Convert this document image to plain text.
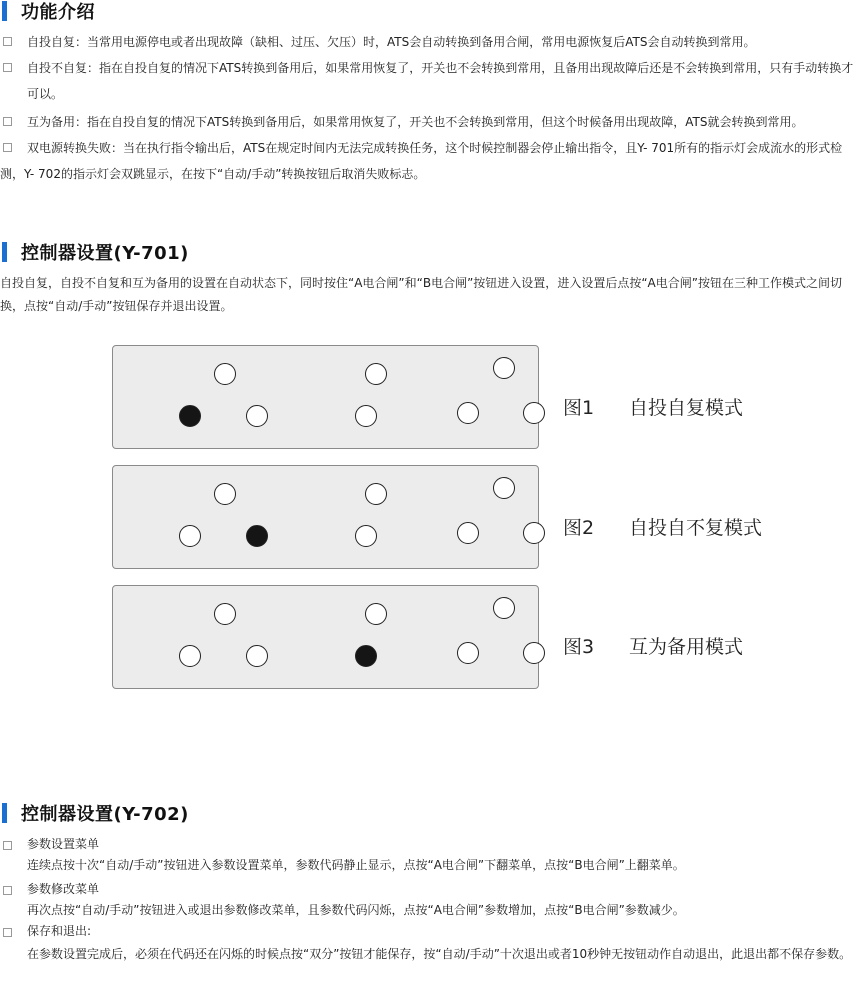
功能介绍
自投自复：当常用电源停电或者出现故障（缺相、过压、欠压）时，ATS会自动转换到备用合闸，常用电源恢复后ATS会自动转换到常用。
自投不自复：指在自投自复的情况下ATS转换到备用后，如果常用恢复了，开关也不会转换到常用，且备用出现故障后还是不会转换到常用，只有手动转换才可以。
互为备用：指在自投自复的情况下ATS转换到备用后，如果常用恢复了，开关也不会转换到常用，但这个时候备用出现故障，ATS就会转换到常用。
双电源转换失败：当在执行指令输出后，ATS在规定时间内无法完成转换任务，这个时候控制器会停止输出指令，且Y- 701所有的指示灯会成流水的形式检测，Y- 702的指示灯会双跳显示，在按下“自动/手动”转换按钮后取消失败标志。
控制器设置(Y-701)
自投自复，自投不自复和互为备用的设置在自动状态下，同时按住“A电合闸”和“B电合闸”按钮进入设置，进入设置后点按“A电合闸”按钮在三种工作模式之间切换，点按“自动/手动”按钮保存并退出设置。
图1	自投自复模式
图2	自投自不复模式
图3	互为备用模式
控制器设置(Y-702)
参数设置菜单
连续点按十次“自动/手动”按钮进入参数设置菜单，参数代码静止显示，点按“A电合闸”下翻菜单，点按“B电合闸”上翻菜单。
参数修改菜单
再次点按“自动/手动”按钮进入或退出参数修改菜单，且参数代码闪烁，点按“A电合闸”参数增加，点按“B电合闸”参数减少。
保存和退出:
在参数设置完成后，必须在代码还在闪烁的时候点按“双分”按钮才能保存，按“自动/手动”十次退出或者10秒钟无按钮动作自动退出，此退出都不保存参数。
